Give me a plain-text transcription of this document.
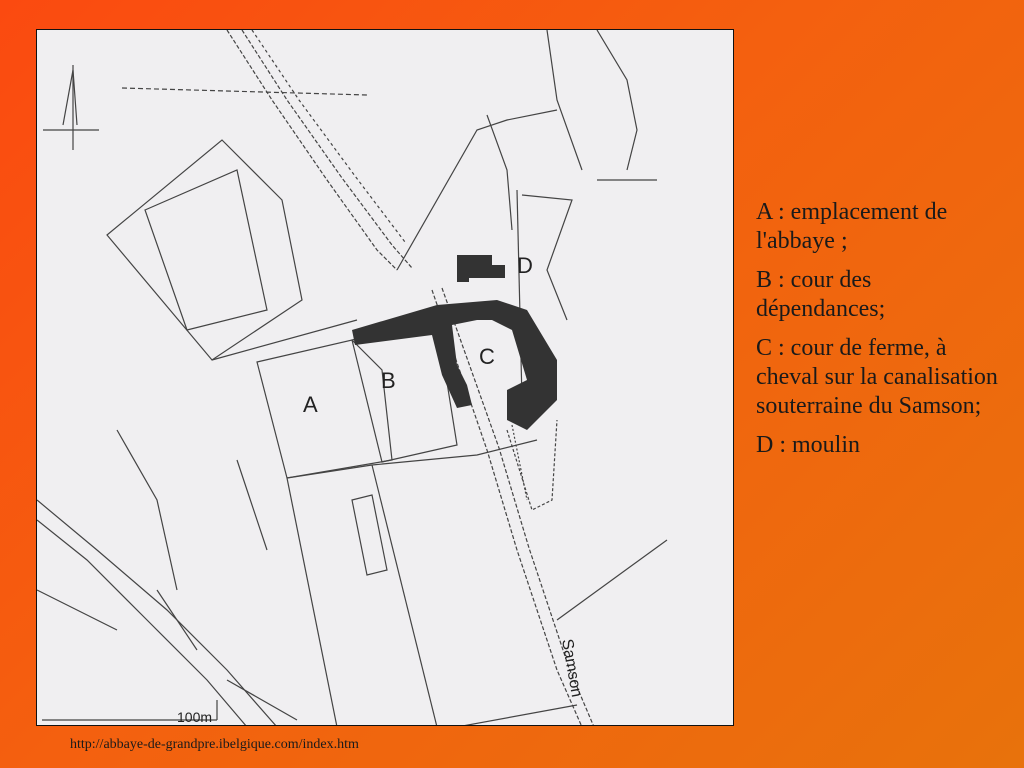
A
B
C
D
100m
Samson

A : emplacement de l'abbaye ;

B : cour des dépendances;

C : cour de ferme, à cheval sur la canalisation souterraine du Samson;

D : moulin

http://abbaye-de-grandpre.ibelgique.com/index.htm
